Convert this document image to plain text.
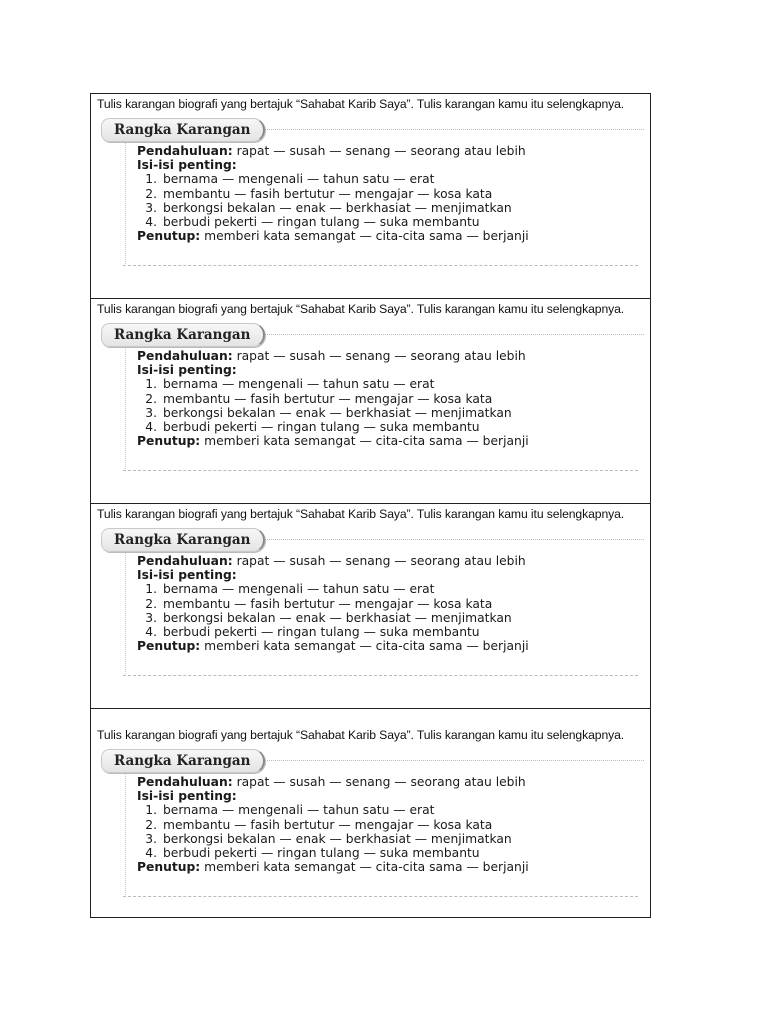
Tulis karangan biografi yang bertajuk “Sahabat Karib Saya”. Tulis karangan kamu itu selengkapnya.

Rangka Karangan
Pendahuluan: rapat — susah — senang — seorang atau lebih
Isi-isi penting:
1. bernama — mengenali — tahun satu — erat
2. membantu — fasih bertutur — mengajar — kosa kata
3. berkongsi bekalan — enak — berkhasiat — menjimatkan
4. berbudi pekerti — ringan tulang — suka membantu
Penutup: memberi kata semangat — cita-cita sama — berjanji

Tulis karangan biografi yang bertajuk “Sahabat Karib Saya”. Tulis karangan kamu itu selengkapnya.

Rangka Karangan
Pendahuluan: rapat — susah — senang — seorang atau lebih
Isi-isi penting:
1. bernama — mengenali — tahun satu — erat
2. membantu — fasih bertutur — mengajar — kosa kata
3. berkongsi bekalan — enak — berkhasiat — menjimatkan
4. berbudi pekerti — ringan tulang — suka membantu
Penutup: memberi kata semangat — cita-cita sama — berjanji

Tulis karangan biografi yang bertajuk “Sahabat Karib Saya”. Tulis karangan kamu itu selengkapnya.

Rangka Karangan
Pendahuluan: rapat — susah — senang — seorang atau lebih
Isi-isi penting:
1. bernama — mengenali — tahun satu — erat
2. membantu — fasih bertutur — mengajar — kosa kata
3. berkongsi bekalan — enak — berkhasiat — menjimatkan
4. berbudi pekerti — ringan tulang — suka membantu
Penutup: memberi kata semangat — cita-cita sama — berjanji

Tulis karangan biografi yang bertajuk “Sahabat Karib Saya”. Tulis karangan kamu itu selengkapnya.

Rangka Karangan
Pendahuluan: rapat — susah — senang — seorang atau lebih
Isi-isi penting:
1. bernama — mengenali — tahun satu — erat
2. membantu — fasih bertutur — mengajar — kosa kata
3. berkongsi bekalan — enak — berkhasiat — menjimatkan
4. berbudi pekerti — ringan tulang — suka membantu
Penutup: memberi kata semangat — cita-cita sama — berjanji
